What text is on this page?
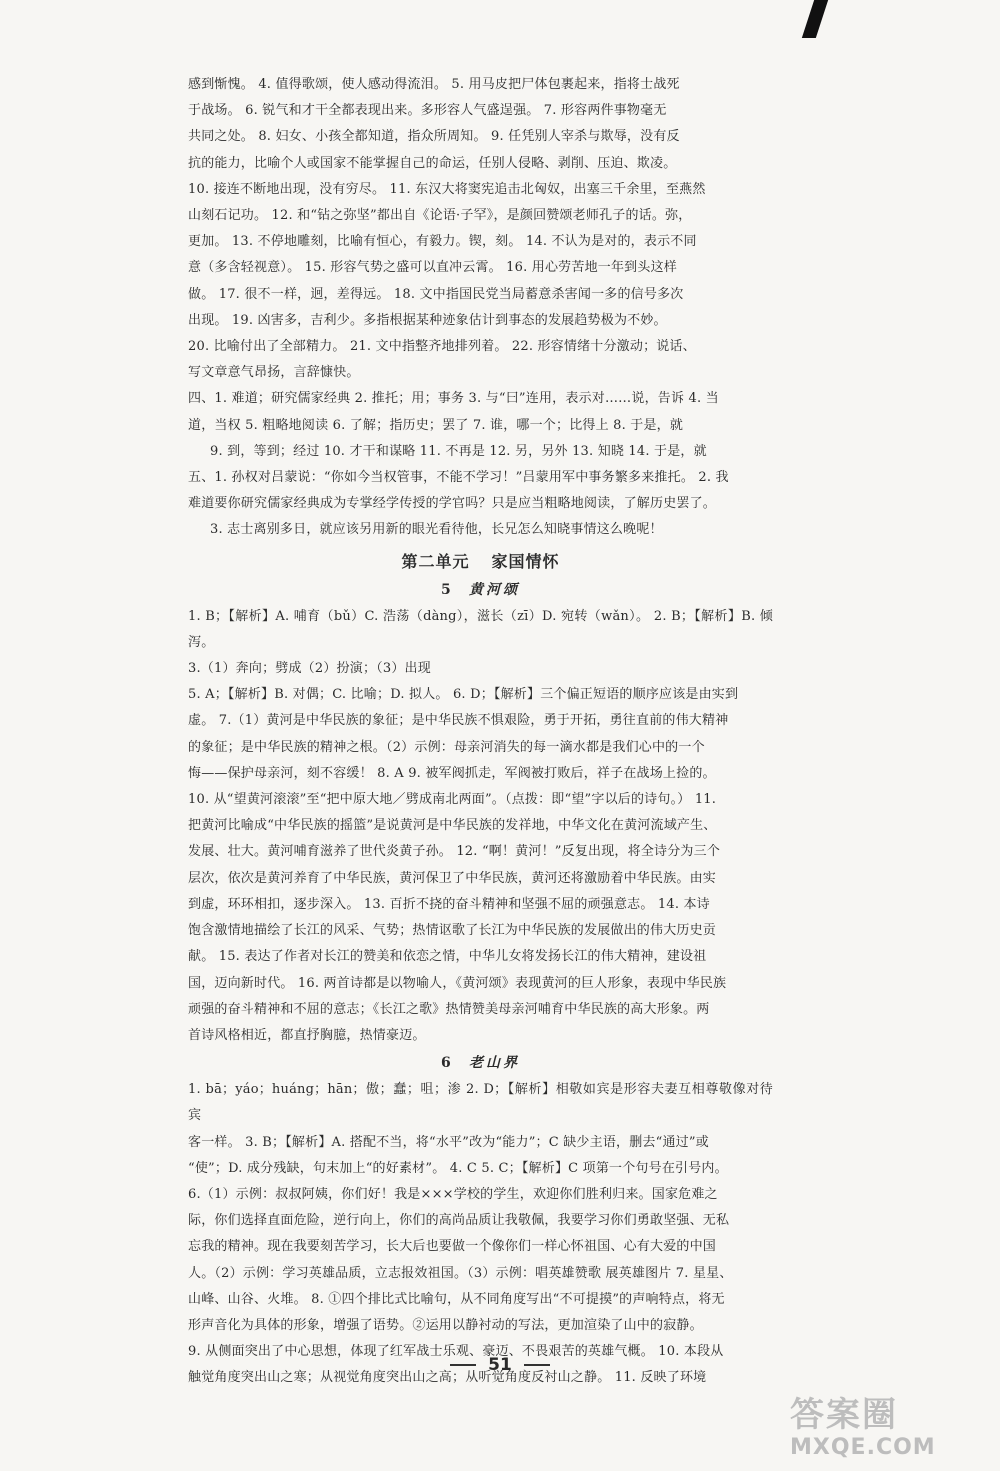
感到惭愧。 4. 值得歌颂，使人感动得流泪。 5. 用马皮把尸体包裹起来，指将士战死

于战场。 6. 锐气和才干全都表现出来。多形容人气盛逞强。 7. 形容两件事物毫无

共同之处。 8. 妇女、小孩全都知道，指众所周知。 9. 任凭别人宰杀与欺辱，没有反

抗的能力，比喻个人或国家不能掌握自己的命运，任别人侵略、剥削、压迫、欺凌。

10. 接连不断地出现，没有穷尽。 11. 东汉大将窦宪追击北匈奴，出塞三千余里，至燕然

山刻石记功。 12. 和“钻之弥坚”都出自《论语·子罕》，是颜回赞颂老师孔子的话。弥，

更加。 13. 不停地雕刻，比喻有恒心，有毅力。锲，刻。 14. 不认为是对的，表示不同

意（多含轻视意）。 15. 形容气势之盛可以直冲云霄。 16. 用心劳苦地一年到头这样

做。 17. 很不一样，迥，差得远。 18. 文中指国民党当局蓄意杀害闻一多的信号多次

出现。 19. 凶害多，吉利少。多指根据某种迹象估计到事态的发展趋势极为不妙。

20. 比喻付出了全部精力。 21. 文中指整齐地排列着。 22. 形容情绪十分激动；说话、

写文章意气昂扬，言辞慷快。

四、1. 难道；研究儒家经典 2. 推托；用；事务 3. 与“曰”连用，表示对……说，告诉 4. 当

道，当权 5. 粗略地阅读 6. 了解；指历史；罢了 7. 谁，哪一个；比得上 8. 于是，就

9. 到，等到；经过 10. 才干和谋略 11. 不再是 12. 另，另外 13. 知晓 14. 于是，就

五、1. 孙权对吕蒙说：“你如今当权管事，不能不学习！”吕蒙用军中事务繁多来推托。 2. 我

难道要你研究儒家经典成为专掌经学传授的学官吗？只是应当粗略地阅读，了解历史罢了。

3. 志士离别多日，就应该另用新的眼光看待他，长兄怎么知晓事情这么晚呢！

第二单元 家国情怀
5 黄河颂

1. B；【解析】A. 哺育（bǔ）C. 浩荡（dàng），滋长（zī）D. 宛转（wǎn）。 2. B；【解析】B. 倾泻。

3.（1）奔向；劈成（2）扮演；（3）出现

5. A；【解析】B. 对偶；C. 比喻；D. 拟人。 6. D；【解析】三个偏正短语的顺序应该是由实到

虚。 7.（1）黄河是中华民族的象征；是中华民族不惧艰险，勇于开拓，勇往直前的伟大精神

的象征；是中华民族的精神之根。（2）示例：母亲河消失的每一滴水都是我们心中的一个

悔——保护母亲河，刻不容缓！ 8. A 9. 被军阀抓走，军阀被打败后，祥子在战场上捡的。

10. 从“望黄河滚滚”至“把中原大地／劈成南北两面”。（点拨：即“望”字以后的诗句。） 11.

把黄河比喻成“中华民族的摇篮”是说黄河是中华民族的发祥地，中华文化在黄河流域产生、

发展、壮大。黄河哺育滋养了世代炎黄子孙。 12. “啊！黄河！”反复出现，将全诗分为三个

层次，依次是黄河养育了中华民族，黄河保卫了中华民族，黄河还将激励着中华民族。由实

到虚，环环相扣，逐步深入。 13. 百折不挠的奋斗精神和坚强不屈的顽强意志。 14. 本诗

饱含激情地描绘了长江的风采、气势；热情讴歌了长江为中华民族的发展做出的伟大历史贡

献。 15. 表达了作者对长江的赞美和依恋之情，中华儿女将发扬长江的伟大精神，建设祖

国，迈向新时代。 16. 两首诗都是以物喻人，《黄河颂》表现黄河的巨人形象，表现中华民族

顽强的奋斗精神和不屈的意志；《长江之歌》热情赞美母亲河哺育中华民族的高大形象。两

首诗风格相近，都直抒胸臆，热情豪迈。

6 老山界

1. bā；yáo；huáng；hān；傲；蠢；咀；渗 2. D；【解析】相敬如宾是形容夫妻互相尊敬像对待宾

客一样。 3. B；【解析】A. 搭配不当，将“水平”改为“能力”；C 缺少主语，删去“通过”或

“使”；D. 成分残缺，句末加上“的好素材”。 4. C 5. C；【解析】C 项第一个句号在引号内。

6.（1）示例：叔叔阿姨，你们好！我是×××学校的学生，欢迎你们胜利归来。国家危难之

际，你们选择直面危险，逆行向上，你们的高尚品质让我敬佩，我要学习你们勇敢坚强、无私

忘我的精神。现在我要刻苦学习，长大后也要做一个像你们一样心怀祖国、心有大爱的中国

人。（2）示例：学习英雄品质，立志报效祖国。（3）示例：唱英雄赞歌 展英雄图片 7. 星星、

山峰、山谷、火堆。 8. ①四个排比式比喻句，从不同角度写出“不可提摸”的声响特点，将无

形声音化为具体的形象，增强了语势。②运用以静衬动的写法，更加渲染了山中的寂静。

9. 从侧面突出了中心思想，体现了红军战士乐观、豪迈、不畏艰苦的英雄气概。 10. 本段从

触觉角度突出山之寒；从视觉角度突出山之高；从听觉角度反衬山之静。 11. 反映了环境

51
答案圈
MXQE.COM
